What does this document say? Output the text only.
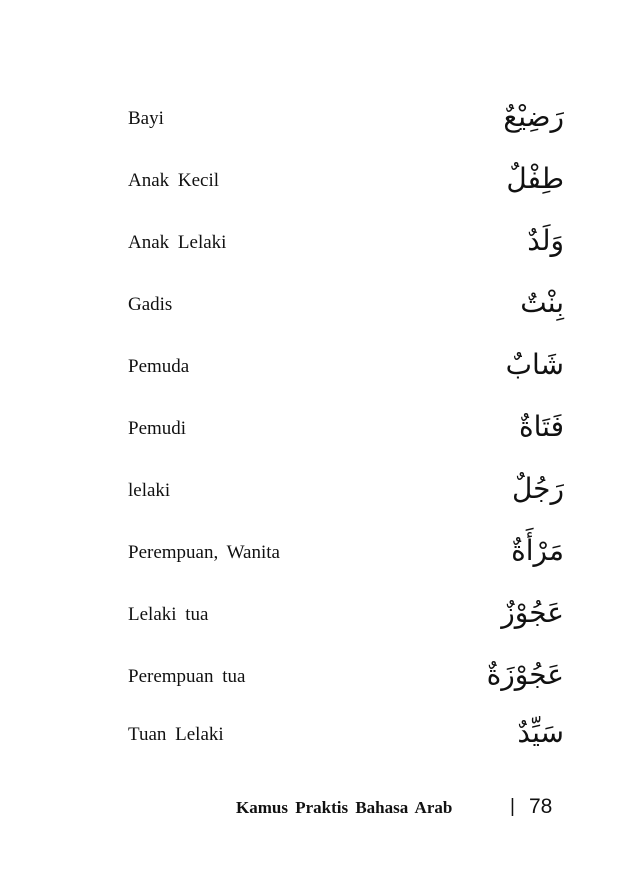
Bayi	رَضِيْعٌ
Anak Kecil	طِفْلٌ
Anak Lelaki	وَلَدٌ
Gadis	بِنْتٌ
Pemuda	شَابٌ
Pemudi	فَتَاةٌ
lelaki	رَجُلٌ
Perempuan, Wanita	مَرْأَةٌ
Lelaki tua	عَجُوْزٌ
Perempuan tua	عَجُوْزَةٌ
Tuan Lelaki	سَيِّدٌ
Kamus Praktis Bahasa Arab	| 78
